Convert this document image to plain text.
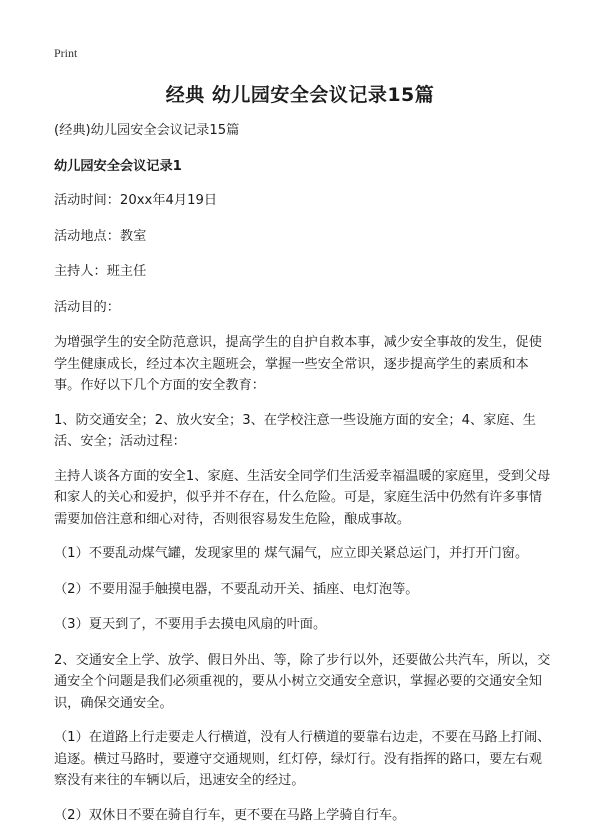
Print
经典 幼儿园安全会议记录15篇

(经典)幼儿园安全会议记录15篇

幼儿园安全会议记录1

活动时间：20xx年4月19日

活动地点：教室

主持人：班主任

活动目的：

为增强学生的安全防范意识，提高学生的自护自救本事，减少安全事故的发生，促使学生健康成长，经过本次主题班会，掌握一些安全常识，逐步提高学生的素质和本事。作好以下几个方面的安全教育：

1、防交通安全；2、放火安全；3、在学校注意一些设施方面的安全；4、家庭、生活、安全；活动过程：

主持人谈各方面的安全1、家庭、生活安全同学们生活爱幸福温暖的家庭里，受到父母和家人的关心和爱护，似乎并不存在，什么危险。可是，家庭生活中仍然有许多事情需要加倍注意和细心对待，否则很容易发生危险，酿成事故。

（1）不要乱动煤气罐，发现家里的 煤气漏气，应立即关紧总运门，并打开门窗。

（2）不要用湿手触摸电器，不要乱动开关、插座、电灯泡等。

（3）夏天到了，不要用手去摸电风扇的叶面。

2、交通安全上学、放学、假日外出、等，除了步行以外，还要做公共汽车，所以，交通安全个问题是我们必须重视的，要从小树立交通安全意识，掌握必要的交通安全知识，确保交通安全。

（1）在道路上行走要走人行横道，没有人行横道的要靠右边走，不要在马路上打闹、追逐。横过马路时，要遵守交通规则，红灯停，绿灯行。没有指挥的路口，要左右观察没有来往的车辆以后，迅速安全的经过。

（2）双休日不要在骑自行车，更不要在马路上学骑自行车。
